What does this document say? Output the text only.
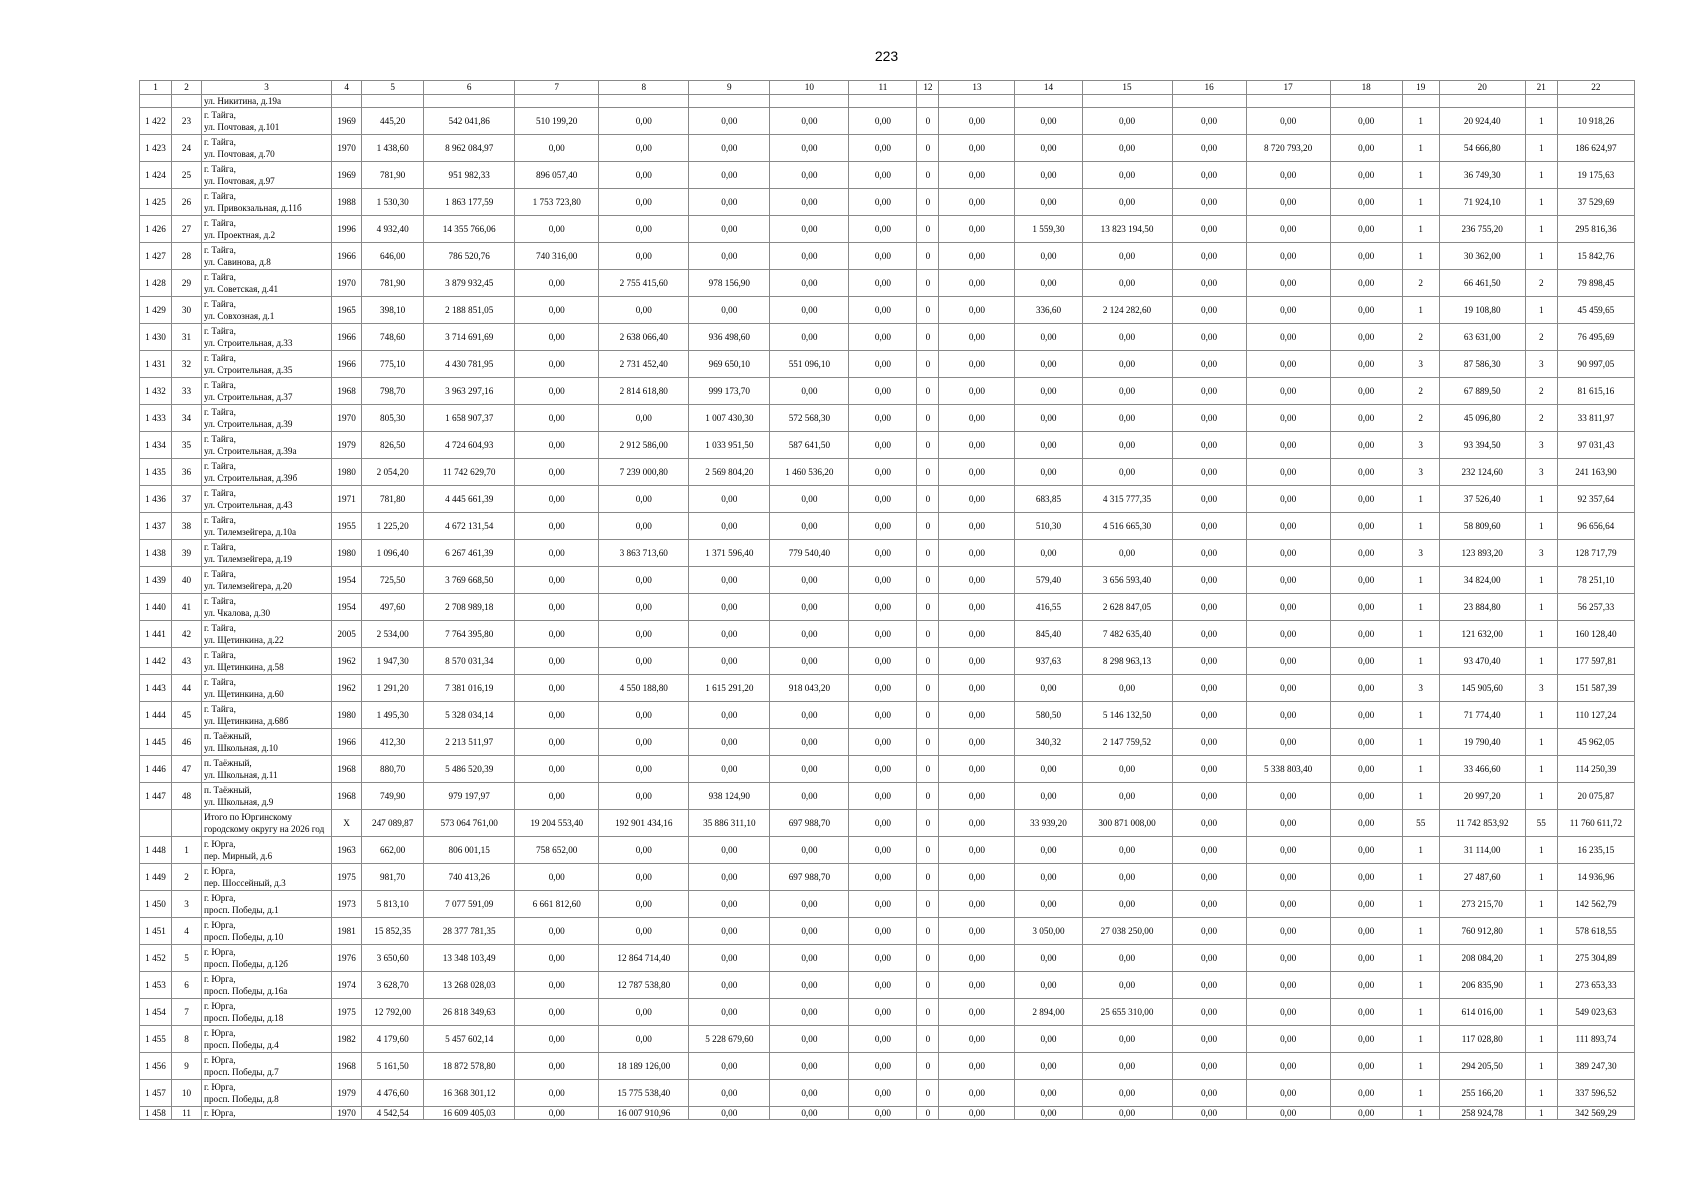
223
1	2	3	4	5	6	7	8	9	10	11	12	13	14	15	16	17	18	19	20	21	22
		ул. Никитина, д.19а																			
1 422	23	г. Тайга,
ул. Почтовая, д.101	1969	445,20	542 041,86	510 199,20	0,00	0,00	0,00	0,00	0	0,00	0,00	0,00	0,00	0,00	0,00	1	20 924,40	1	10 918,26
1 423	24	г. Тайга,
ул. Почтовая, д.70	1970	1 438,60	8 962 084,97	0,00	0,00	0,00	0,00	0,00	0	0,00	0,00	0,00	0,00	8 720 793,20	0,00	1	54 666,80	1	186 624,97
1 424	25	г. Тайга,
ул. Почтовая, д.97	1969	781,90	951 982,33	896 057,40	0,00	0,00	0,00	0,00	0	0,00	0,00	0,00	0,00	0,00	0,00	1	36 749,30	1	19 175,63
1 425	26	г. Тайга,
ул. Привокзальная, д.11б	1988	1 530,30	1 863 177,59	1 753 723,80	0,00	0,00	0,00	0,00	0	0,00	0,00	0,00	0,00	0,00	0,00	1	71 924,10	1	37 529,69
1 426	27	г. Тайга,
ул. Проектная, д.2	1996	4 932,40	14 355 766,06	0,00	0,00	0,00	0,00	0,00	0	0,00	1 559,30	13 823 194,50	0,00	0,00	0,00	1	236 755,20	1	295 816,36
1 427	28	г. Тайга,
ул. Савинова, д.8	1966	646,00	786 520,76	740 316,00	0,00	0,00	0,00	0,00	0	0,00	0,00	0,00	0,00	0,00	0,00	1	30 362,00	1	15 842,76
1 428	29	г. Тайга,
ул. Советская, д.41	1970	781,90	3 879 932,45	0,00	2 755 415,60	978 156,90	0,00	0,00	0	0,00	0,00	0,00	0,00	0,00	0,00	2	66 461,50	2	79 898,45
1 429	30	г. Тайга,
ул. Совхозная, д.1	1965	398,10	2 188 851,05	0,00	0,00	0,00	0,00	0,00	0	0,00	336,60	2 124 282,60	0,00	0,00	0,00	1	19 108,80	1	45 459,65
1 430	31	г. Тайга,
ул. Строительная, д.33	1966	748,60	3 714 691,69	0,00	2 638 066,40	936 498,60	0,00	0,00	0	0,00	0,00	0,00	0,00	0,00	0,00	2	63 631,00	2	76 495,69
1 431	32	г. Тайга,
ул. Строительная, д.35	1966	775,10	4 430 781,95	0,00	2 731 452,40	969 650,10	551 096,10	0,00	0	0,00	0,00	0,00	0,00	0,00	0,00	3	87 586,30	3	90 997,05
1 432	33	г. Тайга,
ул. Строительная, д.37	1968	798,70	3 963 297,16	0,00	2 814 618,80	999 173,70	0,00	0,00	0	0,00	0,00	0,00	0,00	0,00	0,00	2	67 889,50	2	81 615,16
1 433	34	г. Тайга,
ул. Строительная, д.39	1970	805,30	1 658 907,37	0,00	0,00	1 007 430,30	572 568,30	0,00	0	0,00	0,00	0,00	0,00	0,00	0,00	2	45 096,80	2	33 811,97
1 434	35	г. Тайга,
ул. Строительная, д.39а	1979	826,50	4 724 604,93	0,00	2 912 586,00	1 033 951,50	587 641,50	0,00	0	0,00	0,00	0,00	0,00	0,00	0,00	3	93 394,50	3	97 031,43
1 435	36	г. Тайга,
ул. Строительная, д.39б	1980	2 054,20	11 742 629,70	0,00	7 239 000,80	2 569 804,20	1 460 536,20	0,00	0	0,00	0,00	0,00	0,00	0,00	0,00	3	232 124,60	3	241 163,90
1 436	37	г. Тайга,
ул. Строительная, д.43	1971	781,80	4 445 661,39	0,00	0,00	0,00	0,00	0,00	0	0,00	683,85	4 315 777,35	0,00	0,00	0,00	1	37 526,40	1	92 357,64
1 437	38	г. Тайга,
ул. Тилемзейгера, д.10а	1955	1 225,20	4 672 131,54	0,00	0,00	0,00	0,00	0,00	0	0,00	510,30	4 516 665,30	0,00	0,00	0,00	1	58 809,60	1	96 656,64
1 438	39	г. Тайга,
ул. Тилемзейгера, д.19	1980	1 096,40	6 267 461,39	0,00	3 863 713,60	1 371 596,40	779 540,40	0,00	0	0,00	0,00	0,00	0,00	0,00	0,00	3	123 893,20	3	128 717,79
1 439	40	г. Тайга,
ул. Тилемзейгера, д.20	1954	725,50	3 769 668,50	0,00	0,00	0,00	0,00	0,00	0	0,00	579,40	3 656 593,40	0,00	0,00	0,00	1	34 824,00	1	78 251,10
1 440	41	г. Тайга,
ул. Чкалова, д.30	1954	497,60	2 708 989,18	0,00	0,00	0,00	0,00	0,00	0	0,00	416,55	2 628 847,05	0,00	0,00	0,00	1	23 884,80	1	56 257,33
1 441	42	г. Тайга,
ул. Щетинкина, д.22	2005	2 534,00	7 764 395,80	0,00	0,00	0,00	0,00	0,00	0	0,00	845,40	7 482 635,40	0,00	0,00	0,00	1	121 632,00	1	160 128,40
1 442	43	г. Тайга,
ул. Щетинкина, д.58	1962	1 947,30	8 570 031,34	0,00	0,00	0,00	0,00	0,00	0	0,00	937,63	8 298 963,13	0,00	0,00	0,00	1	93 470,40	1	177 597,81
1 443	44	г. Тайга,
ул. Щетинкина, д.60	1962	1 291,20	7 381 016,19	0,00	4 550 188,80	1 615 291,20	918 043,20	0,00	0	0,00	0,00	0,00	0,00	0,00	0,00	3	145 905,60	3	151 587,39
1 444	45	г. Тайга,
ул. Щетинкина, д.68б	1980	1 495,30	5 328 034,14	0,00	0,00	0,00	0,00	0,00	0	0,00	580,50	5 146 132,50	0,00	0,00	0,00	1	71 774,40	1	110 127,24
1 445	46	п. Таёжный,
ул. Школьная, д.10	1966	412,30	2 213 511,97	0,00	0,00	0,00	0,00	0,00	0	0,00	340,32	2 147 759,52	0,00	0,00	0,00	1	19 790,40	1	45 962,05
1 446	47	п. Таёжный,
ул. Школьная, д.11	1968	880,70	5 486 520,39	0,00	0,00	0,00	0,00	0,00	0	0,00	0,00	0,00	0,00	5 338 803,40	0,00	1	33 466,60	1	114 250,39
1 447	48	п. Таёжный,
ул. Школьная, д.9	1968	749,90	979 197,97	0,00	0,00	938 124,90	0,00	0,00	0	0,00	0,00	0,00	0,00	0,00	0,00	1	20 997,20	1	20 075,87

		Итого по Юргинскому
городскому округу на 2026 год	X	247 089,87	573 064 761,00	19 204 553,40	192 901 434,16	35 886 311,10	697 988,70	0,00	0	0,00	33 939,20	300 871 008,00	0,00	0,00	0,00	55	11 742 853,92	55	11 760 611,72
1 448	1	г. Юрга,
пер. Мирный, д.6	1963	662,00	806 001,15	758 652,00	0,00	0,00	0,00	0,00	0	0,00	0,00	0,00	0,00	0,00	0,00	1	31 114,00	1	16 235,15
1 449	2	г. Юрга,
пер. Шоссейный, д.3	1975	981,70	740 413,26	0,00	0,00	0,00	697 988,70	0,00	0	0,00	0,00	0,00	0,00	0,00	0,00	1	27 487,60	1	14 936,96
1 450	3	г. Юрга,
просп. Победы, д.1	1973	5 813,10	7 077 591,09	6 661 812,60	0,00	0,00	0,00	0,00	0	0,00	0,00	0,00	0,00	0,00	0,00	1	273 215,70	1	142 562,79
1 451	4	г. Юрга,
просп. Победы, д.10	1981	15 852,35	28 377 781,35	0,00	0,00	0,00	0,00	0,00	0	0,00	3 050,00	27 038 250,00	0,00	0,00	0,00	1	760 912,80	1	578 618,55
1 452	5	г. Юрга,
просп. Победы, д.12б	1976	3 650,60	13 348 103,49	0,00	12 864 714,40	0,00	0,00	0,00	0	0,00	0,00	0,00	0,00	0,00	0,00	1	208 084,20	1	275 304,89
1 453	6	г. Юрга,
просп. Победы, д.16а	1974	3 628,70	13 268 028,03	0,00	12 787 538,80	0,00	0,00	0,00	0	0,00	0,00	0,00	0,00	0,00	0,00	1	206 835,90	1	273 653,33
1 454	7	г. Юрга,
просп. Победы, д.18	1975	12 792,00	26 818 349,63	0,00	0,00	0,00	0,00	0,00	0	0,00	2 894,00	25 655 310,00	0,00	0,00	0,00	1	614 016,00	1	549 023,63
1 455	8	г. Юрга,
просп. Победы, д.4	1982	4 179,60	5 457 602,14	0,00	0,00	5 228 679,60	0,00	0,00	0	0,00	0,00	0,00	0,00	0,00	0,00	1	117 028,80	1	111 893,74
1 456	9	г. Юрга,
просп. Победы, д.7	1968	5 161,50	18 872 578,80	0,00	18 189 126,00	0,00	0,00	0,00	0	0,00	0,00	0,00	0,00	0,00	0,00	1	294 205,50	1	389 247,30
1 457	10	г. Юрга,
просп. Победы, д.8	1979	4 476,60	16 368 301,12	0,00	15 775 538,40	0,00	0,00	0,00	0	0,00	0,00	0,00	0,00	0,00	0,00	1	255 166,20	1	337 596,52
1 458	11	г. Юрга,	1970	4 542,54	16 609 405,03	0,00	16 007 910,96	0,00	0,00	0,00	0	0,00	0,00	0,00	0,00	0,00	0,00	1	258 924,78	1	342 569,29
